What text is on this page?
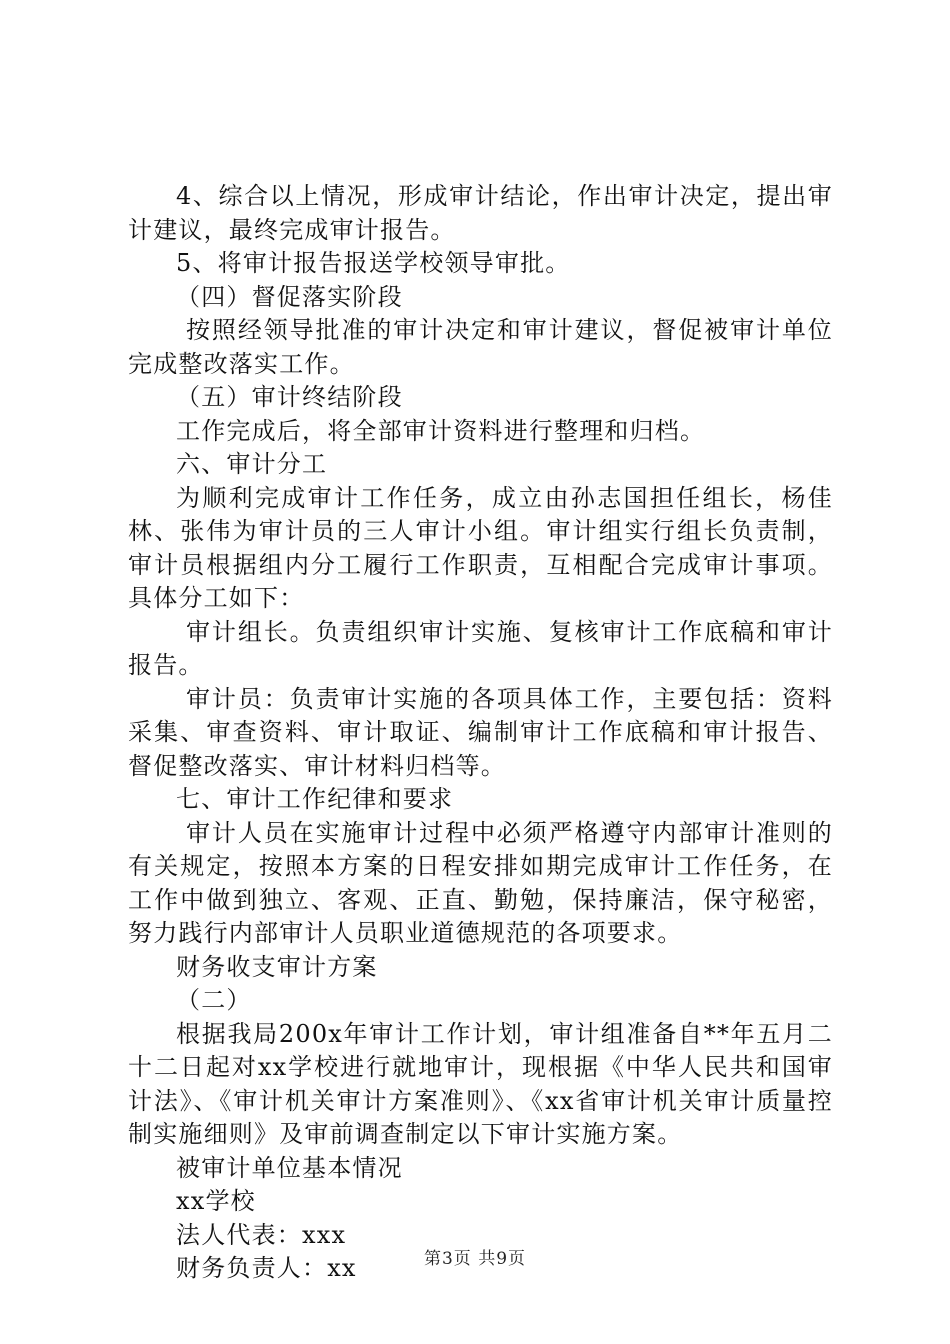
4、综合以上情况，形成审计结论，作出审计决定，提出审计建议，最终完成审计报告。

5、将审计报告报送学校领导审批。

（四）督促落实阶段

按照经领导批准的审计决定和审计建议，督促被审计单位完成整改落实工作。

（五）审计终结阶段

工作完成后，将全部审计资料进行整理和归档。

六、审计分工

为顺利完成审计工作任务，成立由孙志国担任组长，杨佳林、张伟为审计员的三人审计小组。审计组实行组长负责制，审计员根据组内分工履行工作职责，互相配合完成审计事项。具体分工如下：

审计组长。负责组织审计实施、复核审计工作底稿和审计报告。

审计员：负责审计实施的各项具体工作，主要包括：资料采集、审查资料、审计取证、编制审计工作底稿和审计报告、督促整改落实、审计材料归档等。

七、审计工作纪律和要求

审计人员在实施审计过程中必须严格遵守内部审计准则的有关规定，按照本方案的日程安排如期完成审计工作任务，在工作中做到独立、客观、正直、勤勉，保持廉洁，保守秘密，努力践行内部审计人员职业道德规范的各项要求。

财务收支审计方案

（二）

根据我局200x年审计工作计划，审计组准备自**年五月二十二日起对xx学校进行就地审计，现根据《中华人民共和国审计法》、《审计机关审计方案准则》、《xx省审计机关审计质量控制实施细则》及审前调查制定以下审计实施方案。

被审计单位基本情况

xx学校

法人代表：xxx

财务负责人：xx	第3页 共9页
